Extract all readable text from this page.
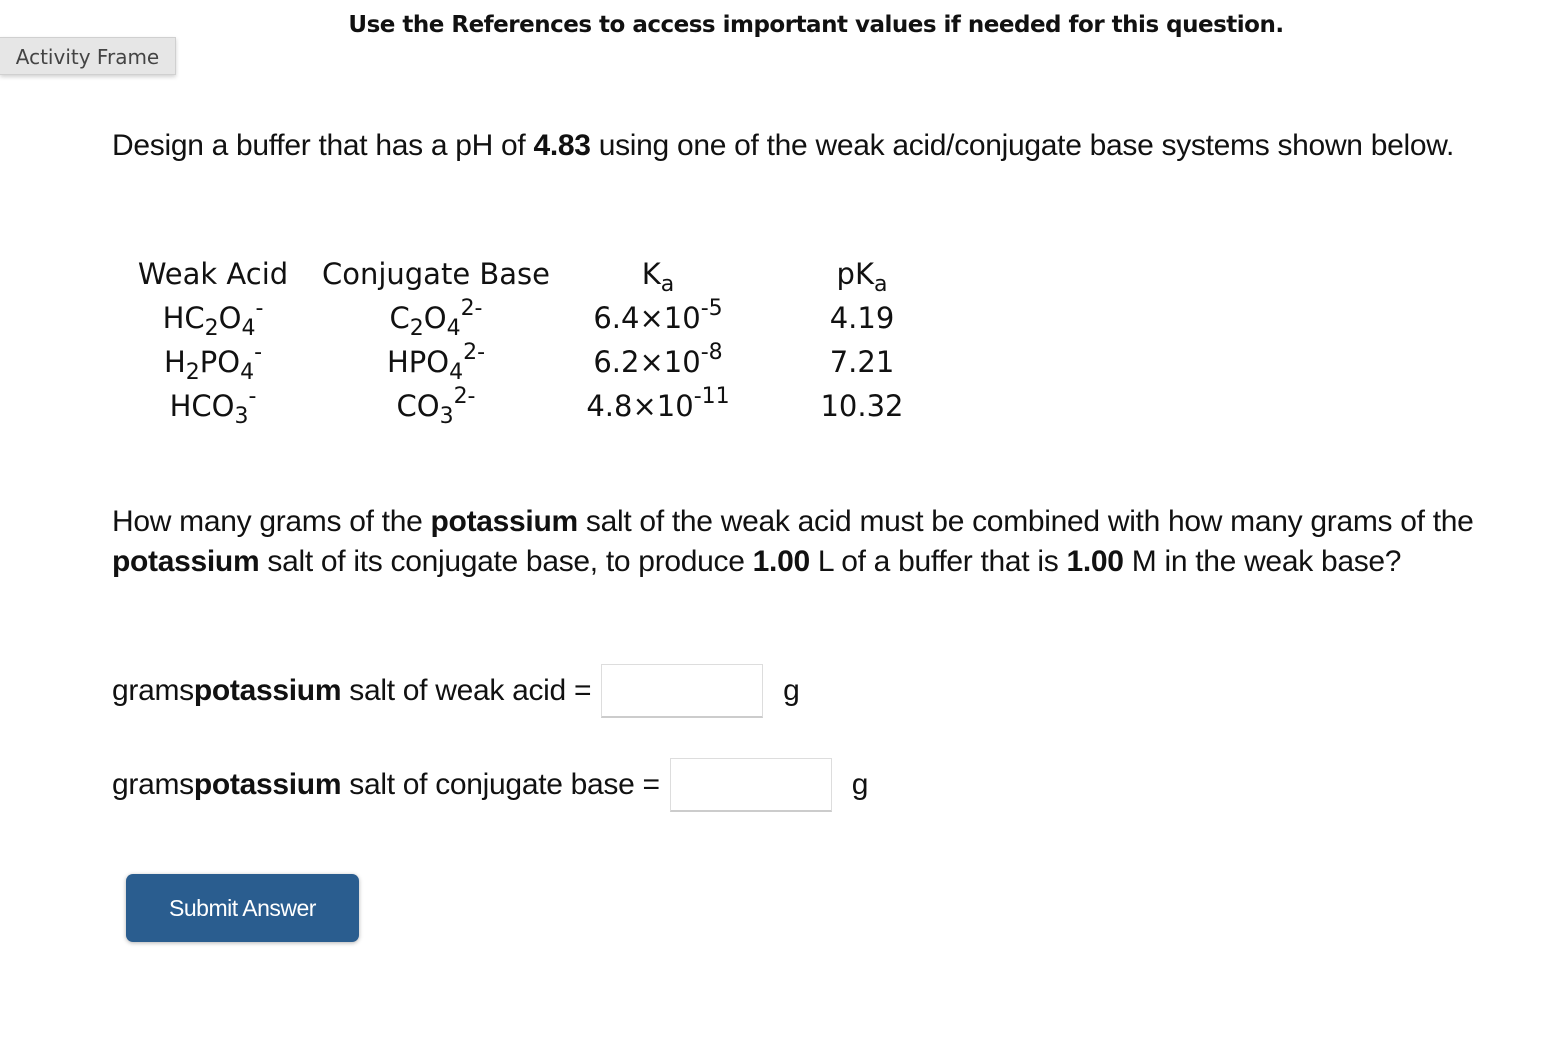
Activity Frame
Use the References to access important values if needed for this question.
Design a buffer that has a pH of 4.83 using one of the weak acid/conjugate base systems shown below.
Weak Acid	Conjugate Base	$K_a$	$pK_a$
$HC_2O_4^-$	$C_2O_4^{2-}$	$6.4\times 10^{-5}$	4.19
$H_2PO_4^-$	$HPO_4^{2-}$	$6.2\times 10^{-8}$	7.21
$HCO_3^-$	$CO_3^{2-}$	$4.8\times 10^{-11}$	10.32
How many grams of the potassium salt of the weak acid must be combined with how many grams of the potassium salt of its conjugate base, to produce 1.00 L of a buffer that is 1.00 M in the weak base?
grams potassium salt of weak acid =	g
grams potassium salt of conjugate base =	g
Submit Answer
